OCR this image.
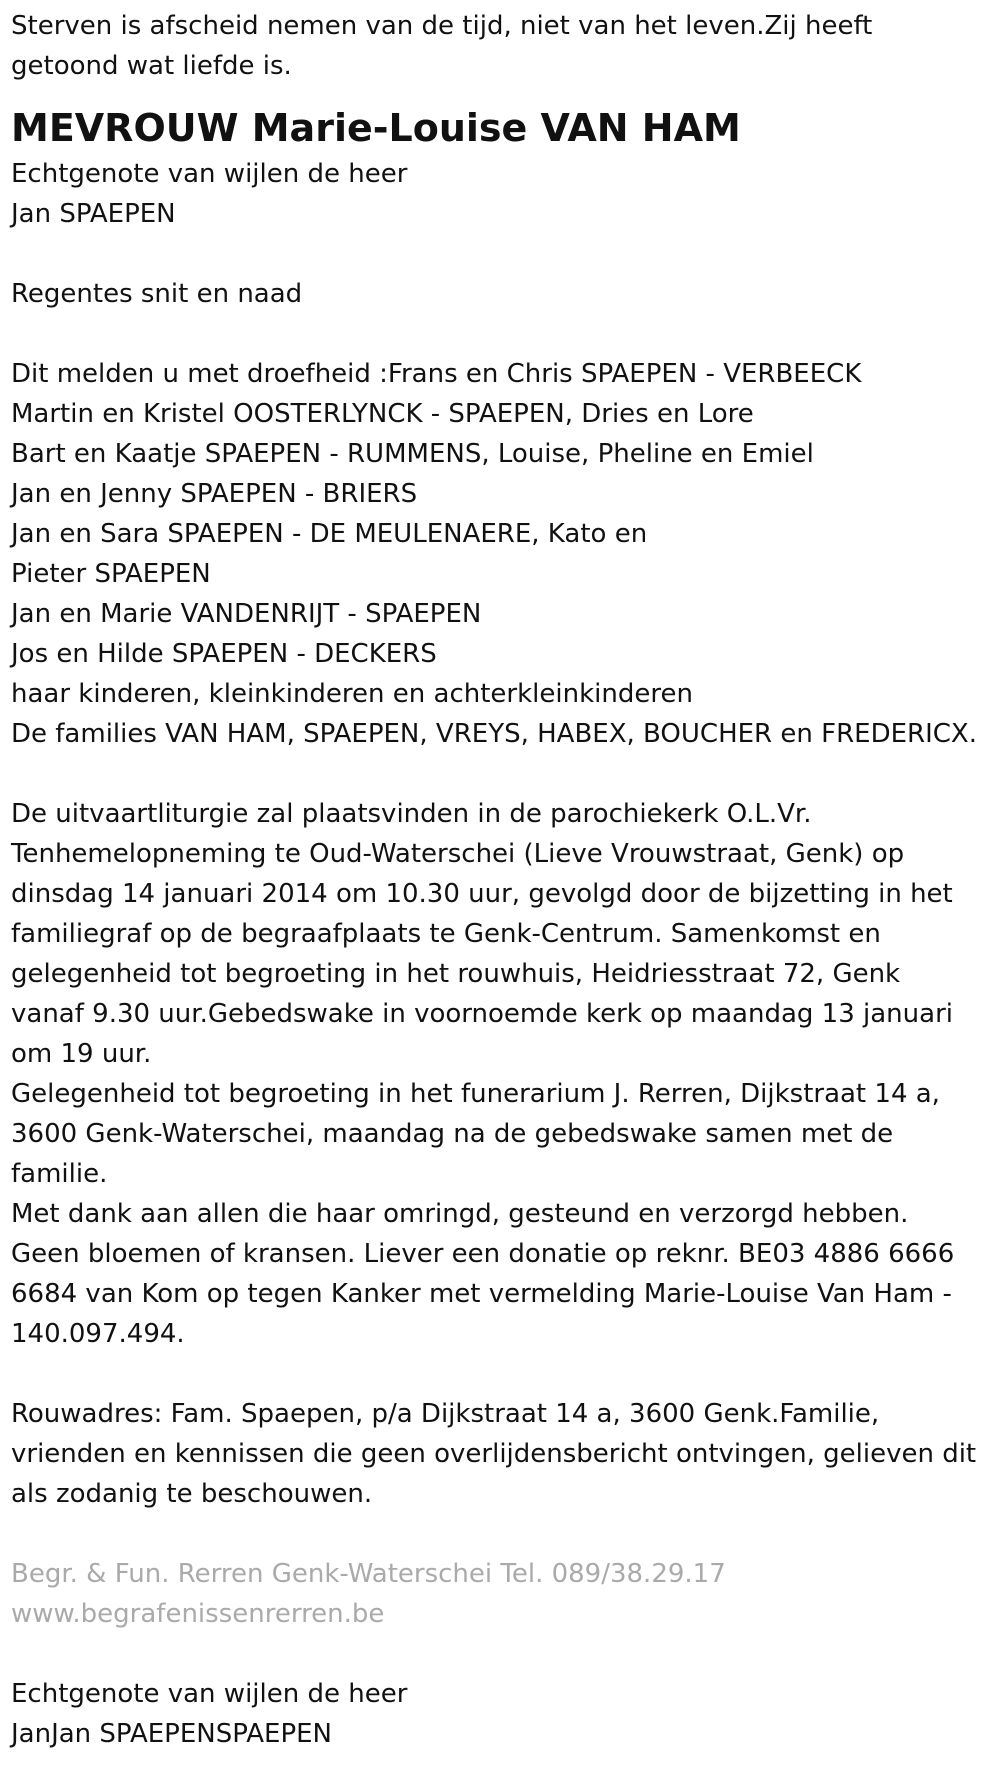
Sterven is afscheid nemen van de tijd, niet van het leven.Zij heeft
getoond wat liefde is.
MEVROUW Marie-Louise VAN HAM
Echtgenote van wijlen de heer
Jan SPAEPEN
Regentes snit en naad
Dit melden u met droefheid :Frans en Chris SPAEPEN - VERBEECK
Martin en Kristel OOSTERLYNCK - SPAEPEN, Dries en Lore
Bart en Kaatje SPAEPEN - RUMMENS, Louise, Pheline en Emiel
Jan en Jenny SPAEPEN - BRIERS
Jan en Sara SPAEPEN - DE MEULENAERE, Kato en
Pieter SPAEPEN
Jan en Marie VANDENRIJT - SPAEPEN
Jos en Hilde SPAEPEN - DECKERS
haar kinderen, kleinkinderen en achterkleinkinderen
De families VAN HAM, SPAEPEN, VREYS, HABEX, BOUCHER en FREDERICX.
De uitvaartliturgie zal plaatsvinden in de parochiekerk O.L.Vr.
Tenhemelopneming te Oud-Waterschei (Lieve Vrouwstraat, Genk) op
dinsdag 14 januari 2014 om 10.30 uur, gevolgd door de bijzetting in het
familiegraf op de begraafplaats te Genk-Centrum. Samenkomst en
gelegenheid tot begroeting in het rouwhuis, Heidriesstraat 72, Genk
vanaf 9.30 uur.Gebedswake in voornoemde kerk op maandag 13 januari
om 19 uur.
Gelegenheid tot begroeting in het funerarium J. Rerren, Dijkstraat 14 a,
3600 Genk-Waterschei, maandag na de gebedswake samen met de
familie.
Met dank aan allen die haar omringd, gesteund en verzorgd hebben.
Geen bloemen of kransen. Liever een donatie op reknr. BE03 4886 6666
6684 van Kom op tegen Kanker met vermelding Marie-Louise Van Ham -
140.097.494.
Rouwadres: Fam. Spaepen, p/a Dijkstraat 14 a, 3600 Genk.Familie,
vrienden en kennissen die geen overlijdensbericht ontvingen, gelieven dit
als zodanig te beschouwen.
Begr. & Fun. Rerren Genk-Waterschei Tel. 089/38.29.17
www.begrafenissenrerren.be
Echtgenote van wijlen de heer
JanJan SPAEPENSPAEPEN
